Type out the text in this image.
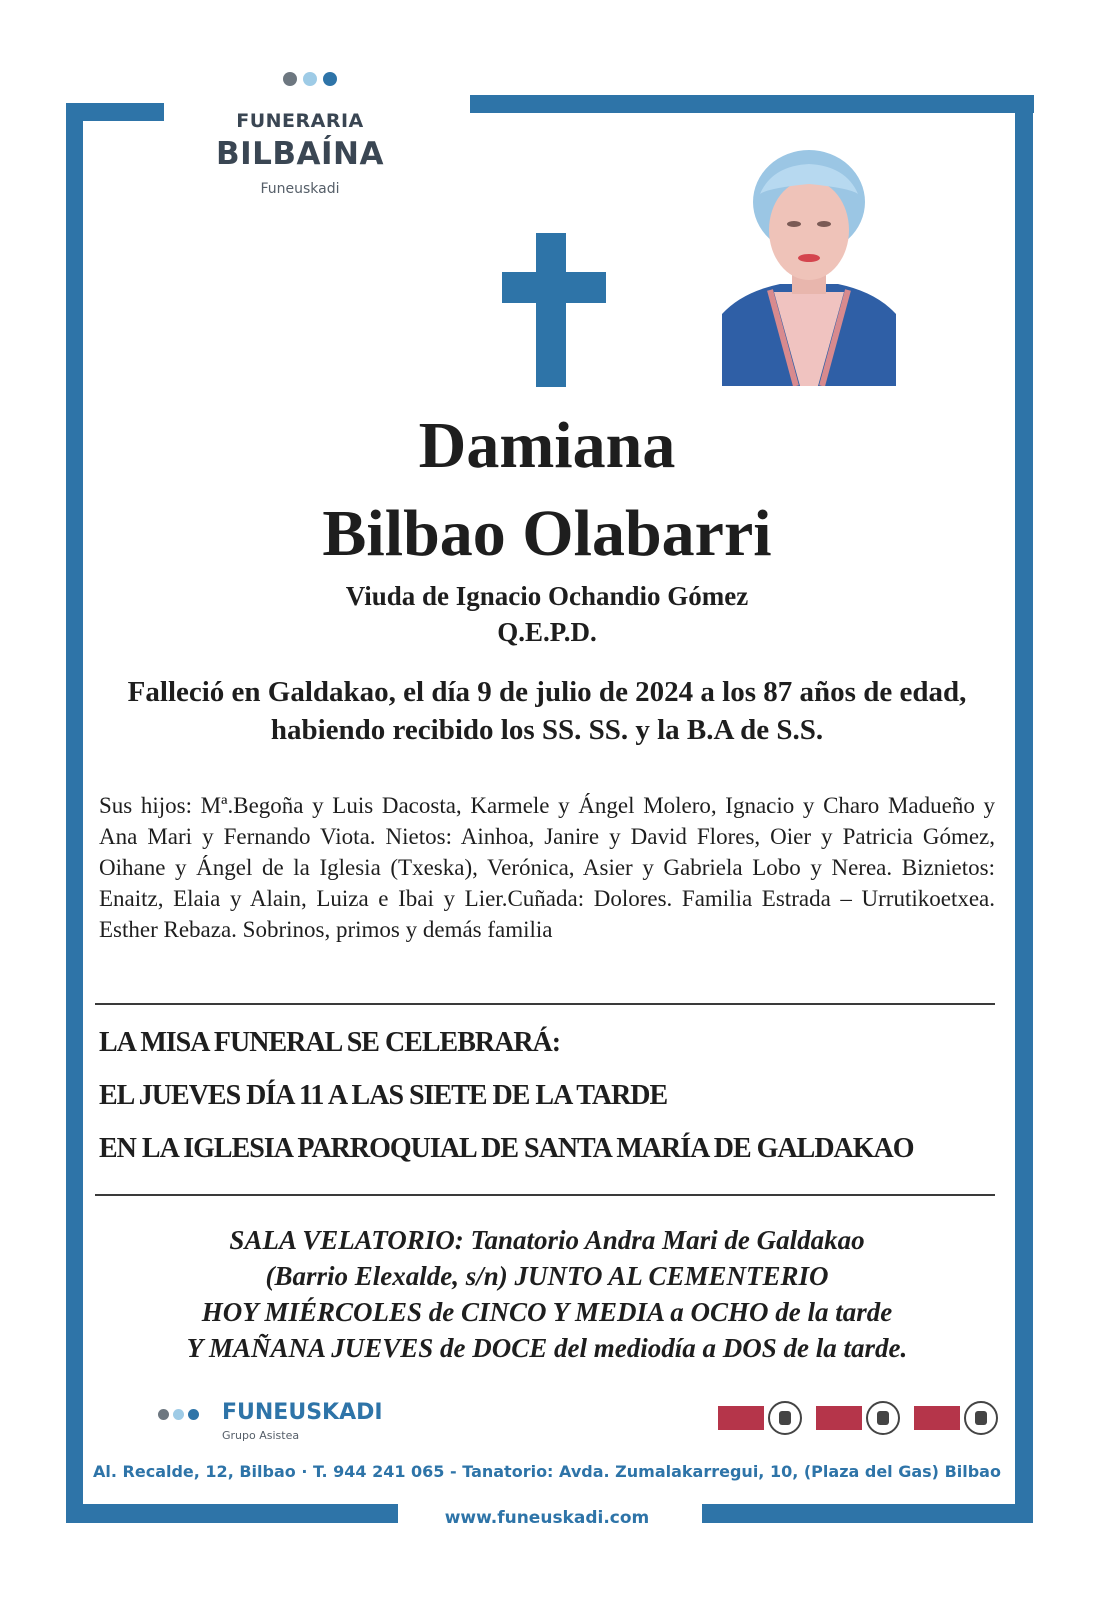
FUNERARIA
BILBAÍNA
Funeuskadi
Damiana
Bilbao Olabarri
Viuda de Ignacio Ochandio Gómez
Q.E.P.D.
Falleció en Galdakao, el día 9 de julio de 2024 a los 87 años de edad, habiendo recibido los SS. SS. y la B.A de S.S.
Sus hijos: Mª.Begoña y Luis Dacosta, Karmele y Ángel Molero, Ignacio y Charo Madueño y Ana Mari y Fernando Viota. Nietos: Ainhoa, Janire y David Flores, Oier y Patricia Gómez, Oihane y Ángel de la Iglesia (Txeska), Verónica, Asier y Gabriela Lobo y Nerea. Biznietos: Enaitz, Elaia y Alain, Luiza e Ibai y Lier.Cuñada: Dolores. Familia Estrada – Urrutikoetxea. Esther Rebaza. Sobrinos, primos y demás familia
LA MISA FUNERAL SE CELEBRARÁ:
EL JUEVES DÍA 11 A LAS SIETE DE LA TARDE
EN LA IGLESIA PARROQUIAL DE SANTA MARÍA DE GALDAKAO
SALA VELATORIO: Tanatorio Andra Mari de Galdakao
(Barrio Elexalde, s/n) JUNTO AL CEMENTERIO
HOY MIÉRCOLES de CINCO Y MEDIA a OCHO de la tarde
Y MAÑANA JUEVES de DOCE del mediodía a DOS de la tarde.
FUNEUSKADI
Grupo Asistea
Al. Recalde, 12, Bilbao · T. 944 241 065 - Tanatorio: Avda. Zumalakarregui, 10, (Plaza del Gas) Bilbao
www.funeuskadi.com
